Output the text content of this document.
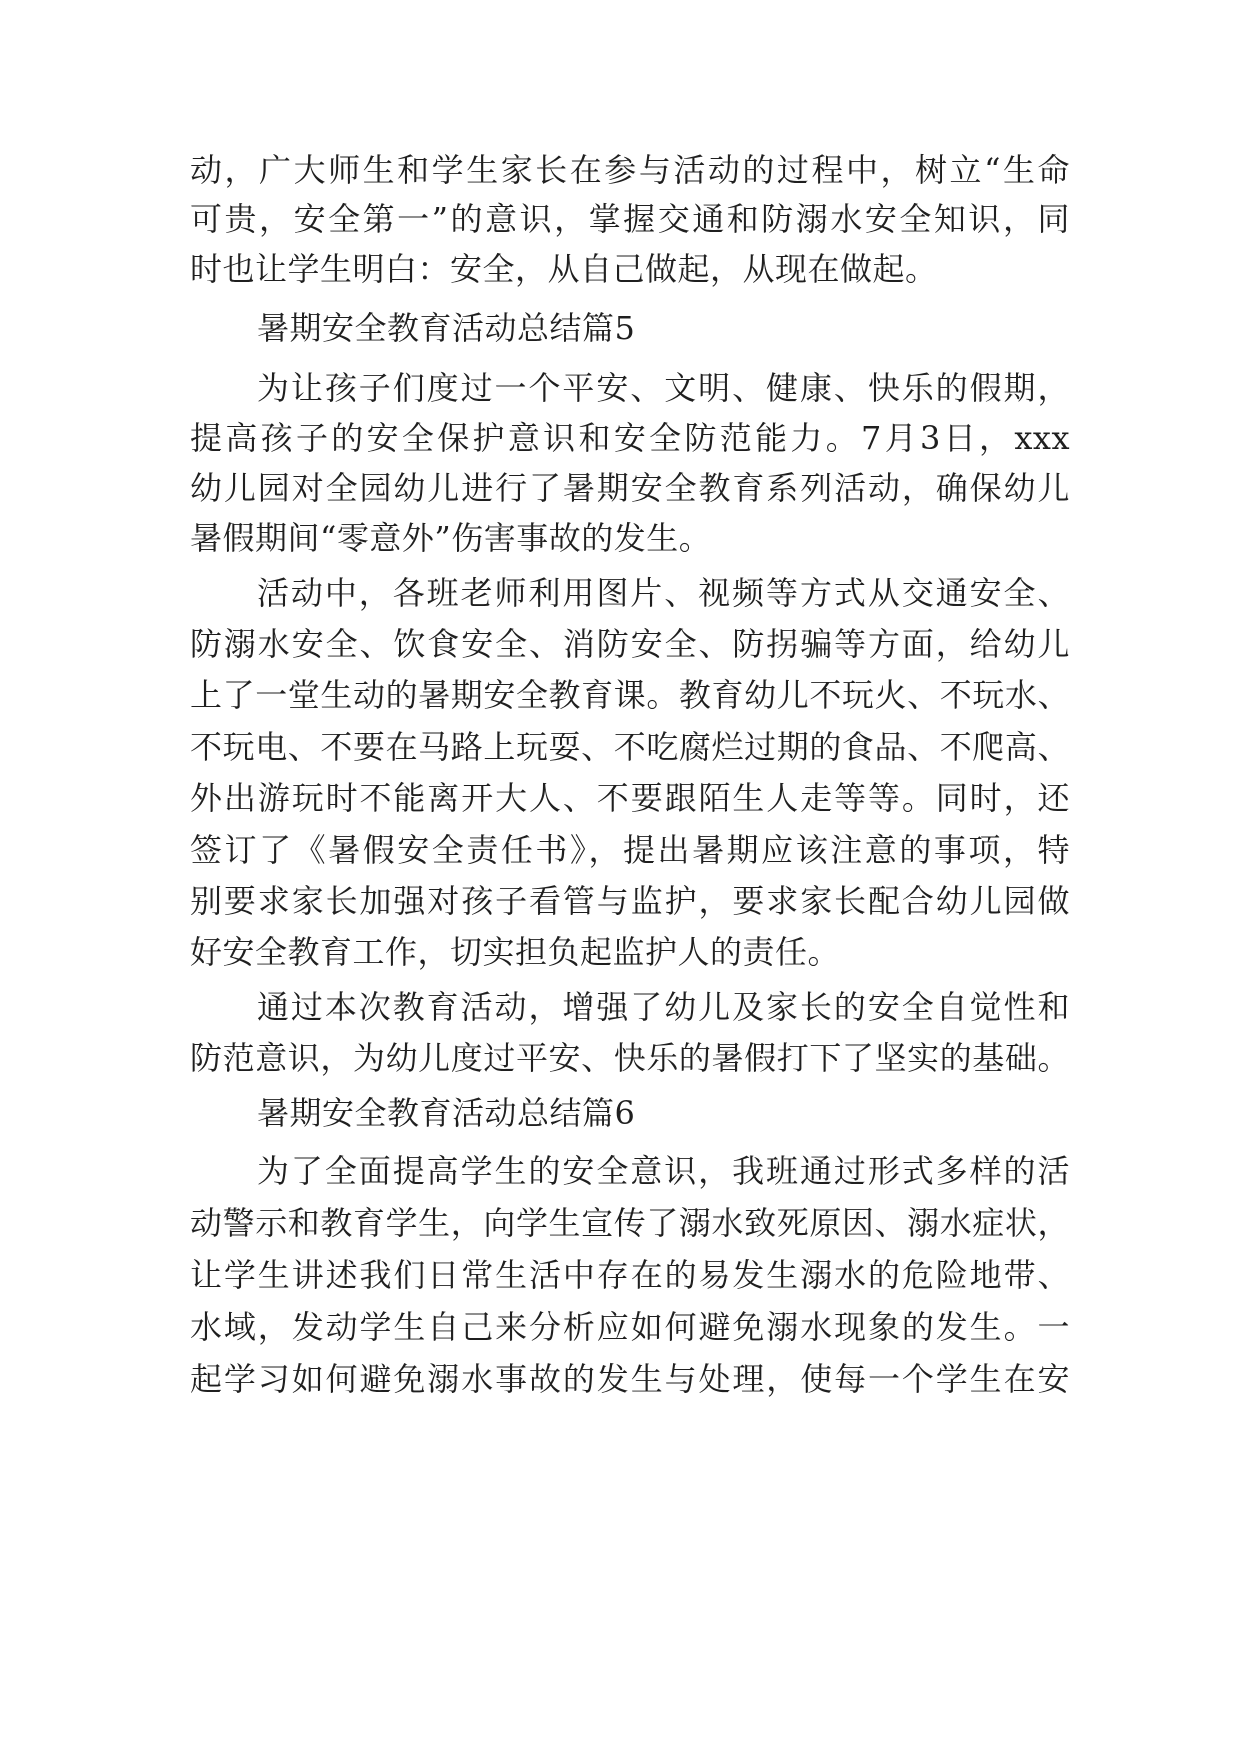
动，广大师生和学生家长在参与活动的过程中，树立“生命
可贵，安全第一”的意识，掌握交通和防溺水安全知识，同
时也让学生明白：安全，从自己做起，从现在做起。
暑期安全教育活动总结篇5
为让孩子们度过一个平安、文明、健康、快乐的假期，
提高孩子的安全保护意识和安全防范能力。7月3日，xxx
幼儿园对全园幼儿进行了暑期安全教育系列活动，确保幼儿
暑假期间“零意外”伤害事故的发生。
活动中，各班老师利用图片、视频等方式从交通安全、
防溺水安全、饮食安全、消防安全、防拐骗等方面，给幼儿
上了一堂生动的暑期安全教育课。教育幼儿不玩火、不玩水、
不玩电、不要在马路上玩耍、不吃腐烂过期的食品、不爬高、
外出游玩时不能离开大人、不要跟陌生人走等等。同时，还
签订了《暑假安全责任书》，提出暑期应该注意的事项，特
别要求家长加强对孩子看管与监护，要求家长配合幼儿园做
好安全教育工作，切实担负起监护人的责任。
通过本次教育活动，增强了幼儿及家长的安全自觉性和
防范意识，为幼儿度过平安、快乐的暑假打下了坚实的基础。
暑期安全教育活动总结篇6
为了全面提高学生的安全意识，我班通过形式多样的活
动警示和教育学生，向学生宣传了溺水致死原因、溺水症状，
让学生讲述我们日常生活中存在的易发生溺水的危险地带、
水域，发动学生自己来分析应如何避免溺水现象的发生。一
起学习如何避免溺水事故的发生与处理，使每一个学生在安
